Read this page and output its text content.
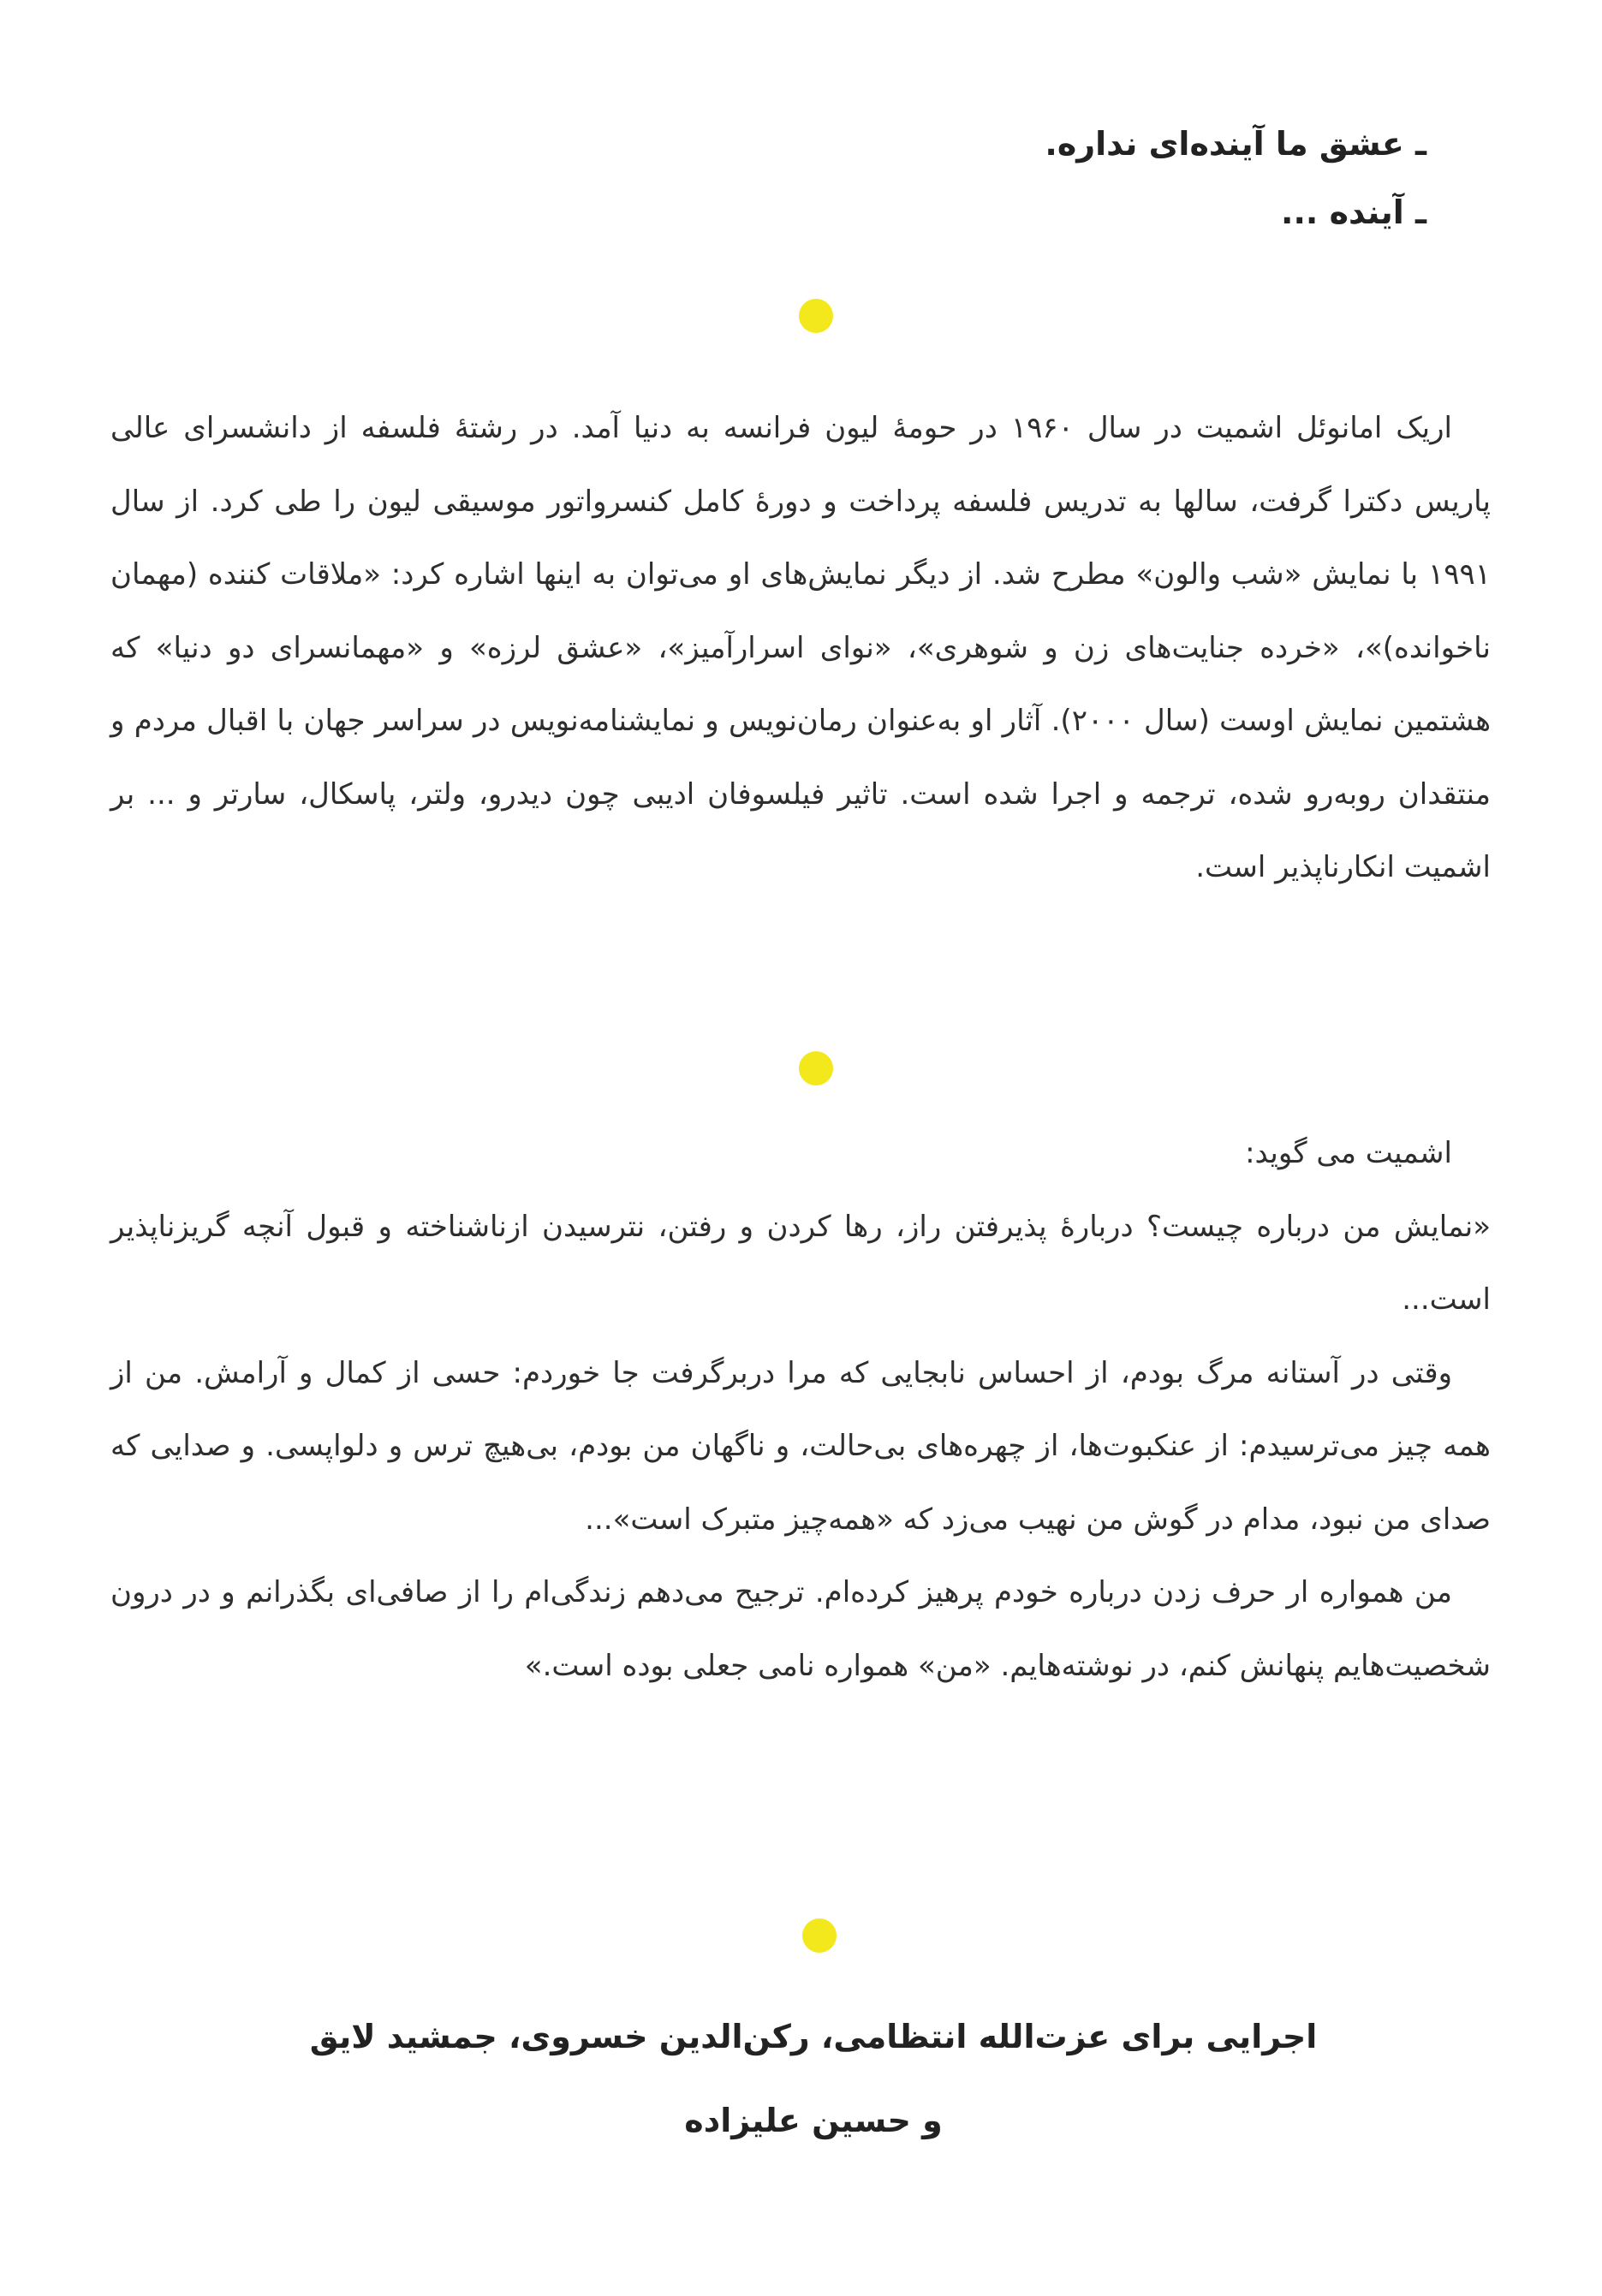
ـ عشق ما آینده‌ای نداره.

ـ آینده ...

اریک امانوئل اشمیت در سال ۱۹۶۰ در حومهٔ لیون فرانسه به دنیا آمد. در رشتهٔ فلسفه از دانشسرای عالی پاریس دکترا گرفت، سالها به تدریس فلسفه پرداخت و دورهٔ کامل کنسرواتور موسیقی لیون را طی کرد. از سال ۱۹۹۱ با نمایش «شب والون» مطرح شد. از دیگر نمایش‌های او می‌توان به اینها اشاره کرد: «ملاقات کننده (مهمان ناخوانده)»، «خرده جنایت‌های زن و شوهری»، «نوای اسرارآمیز»، «عشق لرزه» و «مهمانسرای دو دنیا» که هشتمین نمایش اوست (سال ۲۰۰۰). آثار او به‌عنوان رمان‌نویس و نمایشنامه‌نویس در سراسر جهان با اقبال مردم و منتقدان روبه‌رو شده، ترجمه و اجرا شده است. تاثیر فیلسوفان ادیبی چون دیدرو، ولتر، پاسکال، سارتر و ... بر اشمیت انکارناپذیر است.

اشمیت می گوید:

«نمایش من درباره چیست؟ دربارهٔ پذیرفتن راز، رها کردن و رفتن، نترسیدن ازناشناخته و قبول آنچه گریزناپذیر است...

وقتی در آستانه مرگ بودم، از احساس نابجایی که مرا دربرگرفت جا خوردم: حسی از کمال و آرامش. من از همه چیز می‌ترسیدم: از عنکبوت‌ها، از چهره‌های بی‌حالت، و ناگهان من بودم، بی‌هیچ ترس و دلواپسی. و صدایی که صدای من نبود، مدام در گوش من نهیب می‌زد که «همه‌چیز متبرک است»...

من همواره ار حرف زدن درباره خودم پرهیز کرده‌ام. ترجیح می‌دهم زندگی‌ام را از صافی‌ای بگذرانم و در درون شخصیت‌هایم پنهانش کنم، در نوشته‌هایم. «من» همواره نامی جعلی بوده است.»

اجرایی برای عزت‌الله انتظامی، رکن‌الدین خسروی، جمشید لایق

و حسین علیزاده
